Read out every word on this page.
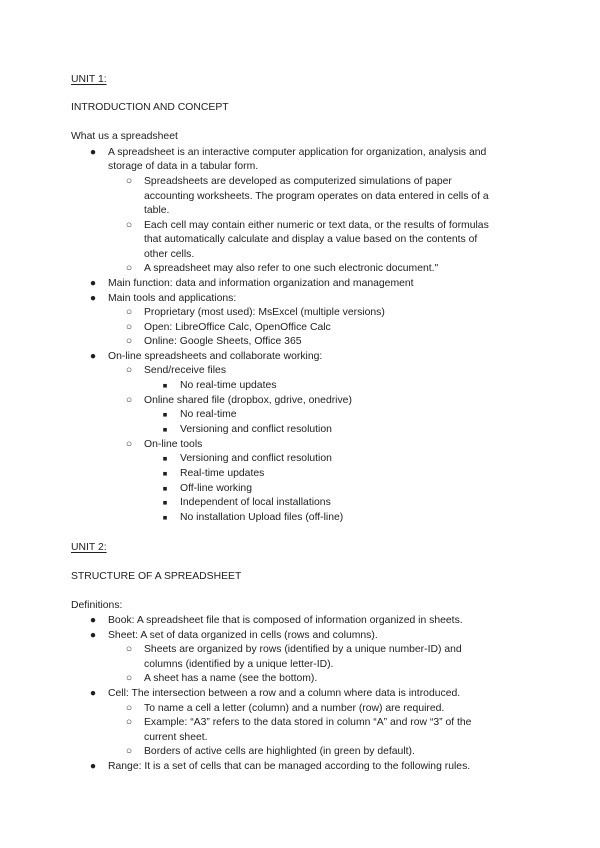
UNIT 1:
INTRODUCTION AND CONCEPT
What us a spreadsheet
● A spreadsheet is an interactive computer application for organization, analysis and
storage of data in a tabular form.
○ Spreadsheets are developed as computerized simulations of paper
accounting worksheets. The program operates on data entered in cells of a
table.
○ Each cell may contain either numeric or text data, or the results of formulas
that automatically calculate and display a value based on the contents of
other cells.
○ A spreadsheet may also refer to one such electronic document."
● Main function: data and information organization and management
● Main tools and applications:
○ Proprietary (most used): MsExcel (multiple versions)
○ Open: LibreOffice Calc, OpenOffice Calc
○ Online: Google Sheets, Office 365
● On-line spreadsheets and collaborate working:
○ Send/receive files
■	No real-time updates
○ Online shared file (dropbox, gdrive, onedrive)
■	No real-time
■	Versioning and conflict resolution
○ On-line tools
■	Versioning and conflict resolution
■	Real-time updates
■	Off-line working
■	Independent of local installations
■	No installation Upload files (off-line)
UNIT 2:
STRUCTURE OF A SPREADSHEET
Definitions:
● Book: A spreadsheet file that is composed of information organized in sheets.
● Sheet: A set of data organized in cells (rows and columns).
○ Sheets are organized by rows (identified by a unique number-ID) and
columns (identified by a unique letter-ID).
○ A sheet has a name (see the bottom).
● Cell: The intersection between a row and a column where data is introduced.
○ To name a cell a letter (column) and a number (row) are required.
○ Example: “A3” refers to the data stored in column “A” and row “3” of the
current sheet.
○ Borders of active cells are highlighted (in green by default).
● Range: It is a set of cells that can be managed according to the following rules.
